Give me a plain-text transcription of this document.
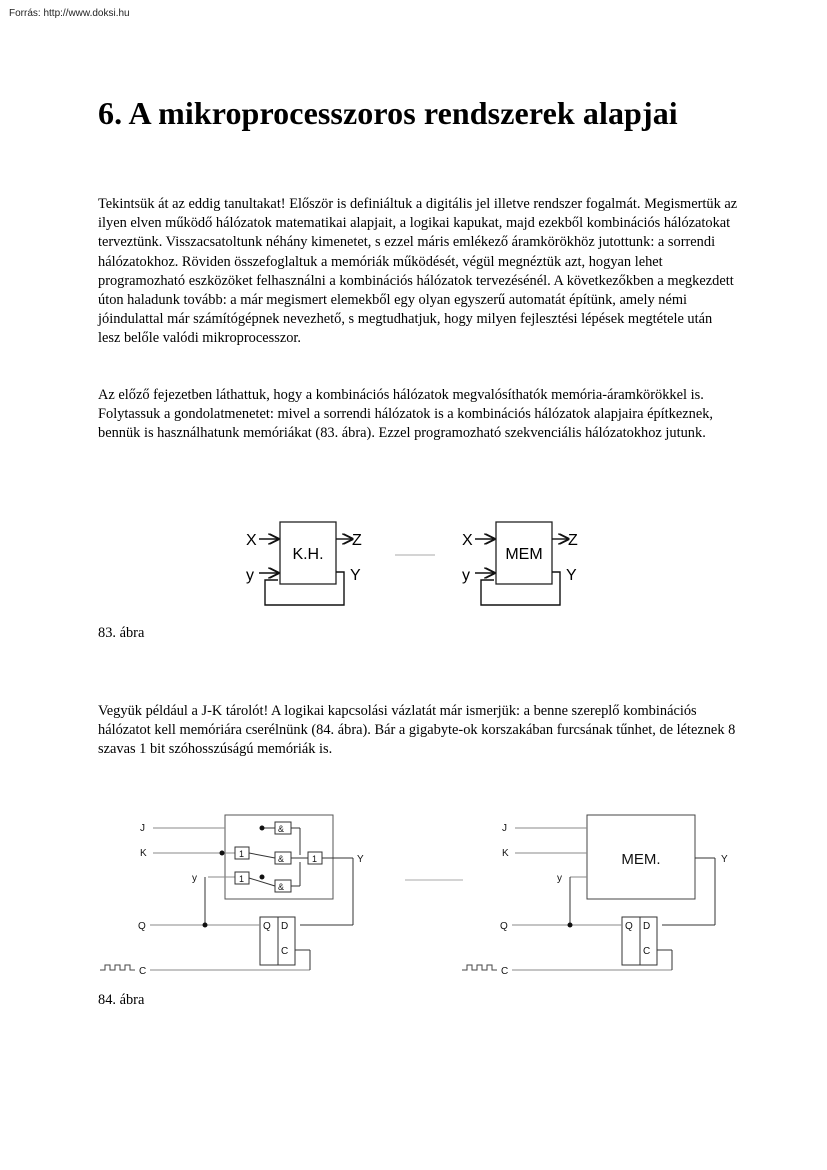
Forrás: http://www.doksi.hu
6. A mikroprocesszoros rendszerek alapjai

Tekintsük át az eddig tanultakat! Először is definiáltuk a digitális jel illetve rendszer fogalmát. Megismertük az ilyen elven működő hálózatok matematikai alapjait, a logikai kapukat, majd ezekből kombinációs hálózatokat terveztünk. Visszacsatoltunk néhány kimenetet, s ezzel máris emlékező áramkörökhöz jutottunk: a sorrendi hálózatokhoz. Röviden összefoglaltuk a memóriák működését, végül megnéztük azt, hogyan lehet programozható eszközöket felhasználni a kombinációs hálózatok tervezésénél. A következőkben a megkezdett úton haladunk tovább: a már megismert elemekből egy olyan egyszerű automatát építünk, amely némi jóindulattal már számítógépnek nevezhető, s megtudhatjuk, hogy milyen fejlesztési lépések megtétele után lesz belőle valódi mikroprocesszor.

Az előző fejezetben láthattuk, hogy a kombinációs hálózatok megvalósíthatók memória-áramkörökkel is. Folytassuk a gondolatmenetet: mivel a sorrendi hálózatok is a kombinációs hálózatok alapjaira építkeznek, bennük is használhatunk memóriákat (83. ábra). Ezzel programozható szekvenciális hálózatokhoz jutunk.

K.H.
X
y
Z
Y
MEM
X
y
Z
Y

83. ábra

Vegyük például a J-K tárolót! A logikai kapcsolási vázlatát már ismerjük: a benne szereplő kombinációs hálózatot kell memóriára cserélnünk (84. ábra). Bár a gigabyte-ok korszakában furcsának tűnhet, de léteznek 8 szavas 1 bit szóhosszúságú memóriák is.

J
K
y
Y
Q
C
Q D
C
&
&
&
1
1
1
J
K
y
Y
Q
C
Q D
C
MEM.

84. ábra
